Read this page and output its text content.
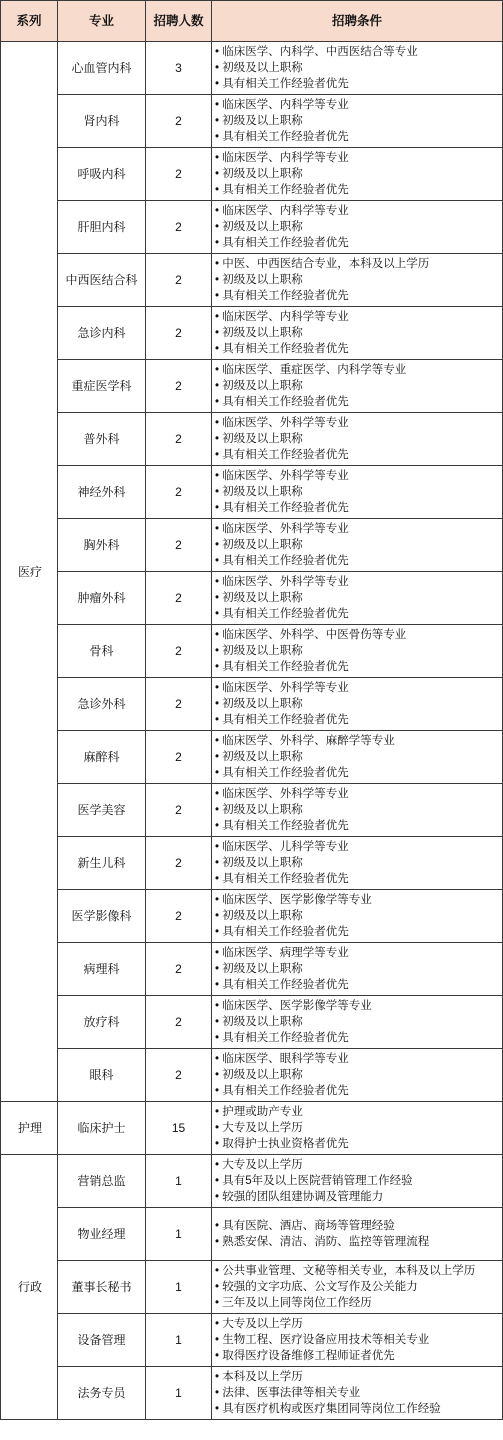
系列	专业	招聘人数	招聘条件
医疗	心血管内科	3	• 临床医学、内科学、中西医结合等专业
• 初级及以上职称
• 具有相关工作经验者优先

	肾内科	2	• 临床医学、内科学等专业
• 初级及以上职称
• 具有相关工作经验者优先

	呼吸内科	2	• 临床医学、内科学等专业
• 初级及以上职称
• 具有相关工作经验者优先

	肝胆内科	2	• 临床医学、内科学等专业
• 初级及以上职称
• 具有相关工作经验者优先

	中西医结合科	2	• 中医、中西医结合专业，本科及以上学历
• 初级及以上职称
• 具有相关工作经验者优先

	急诊内科	2	• 临床医学、内科学等专业
• 初级及以上职称
• 具有相关工作经验者优先

	重症医学科	2	• 临床医学、重症医学、内科学等专业
• 初级及以上职称
• 具有相关工作经验者优先

	普外科	2	• 临床医学、外科学等专业
• 初级及以上职称
• 具有相关工作经验者优先

	神经外科	2	• 临床医学、外科学等专业
• 初级及以上职称
• 具有相关工作经验者优先

	胸外科	2	• 临床医学、外科学等专业
• 初级及以上职称
• 具有相关工作经验者优先

	肿瘤外科	2	• 临床医学、外科学等专业
• 初级及以上职称
• 具有相关工作经验者优先

	骨科	2	• 临床医学、外科学、中医骨伤等专业
• 初级及以上职称
• 具有相关工作经验者优先

	急诊外科	2	• 临床医学、外科学等专业
• 初级及以上职称
• 具有相关工作经验者优先

	麻醉科	2	• 临床医学、外科学、麻醉学等专业
• 初级及以上职称
• 具有相关工作经验者优先

	医学美容	2	• 临床医学、外科学等专业
• 初级及以上职称
• 具有相关工作经验者优先

	新生儿科	2	• 临床医学、儿科学等专业
• 初级及以上职称
• 具有相关工作经验者优先

	医学影像科	2	• 临床医学、医学影像学等专业
• 初级及以上职称
• 具有相关工作经验者优先

	病理科	2	• 临床医学、病理学等专业
• 初级及以上职称
• 具有相关工作经验者优先

	放疗科	2	• 临床医学、医学影像学等专业
• 初级及以上职称
• 具有相关工作经验者优先

	眼科	2	• 临床医学、眼科学等专业
• 初级及以上职称
• 具有相关工作经验者优先

护理	临床护士	15	• 护理或助产专业
• 大专及以上学历
• 取得护士执业资格者优先

行政	营销总监	1	• 大专及以上学历
• 具有5年及以上医院营销管理工作经验
• 较强的团队组建协调及管理能力

	物业经理	1	• 具有医院、酒店、商场等管理经验
• 熟悉安保、清洁、消防、监控等管理流程

	董事长秘书	1	• 公共事业管理、文秘等相关专业，本科及以上学历
• 较强的文字功底、公文写作及公关能力
• 三年及以上同等岗位工作经历

	设备管理	1	• 大专及以上学历
• 生物工程、医疗设备应用技术等相关专业
• 取得医疗设备维修工程师证者优先

	法务专员	1	• 本科及以上学历
• 法律、医事法律等相关专业
• 具有医疗机构或医疗集团同等岗位工作经验
